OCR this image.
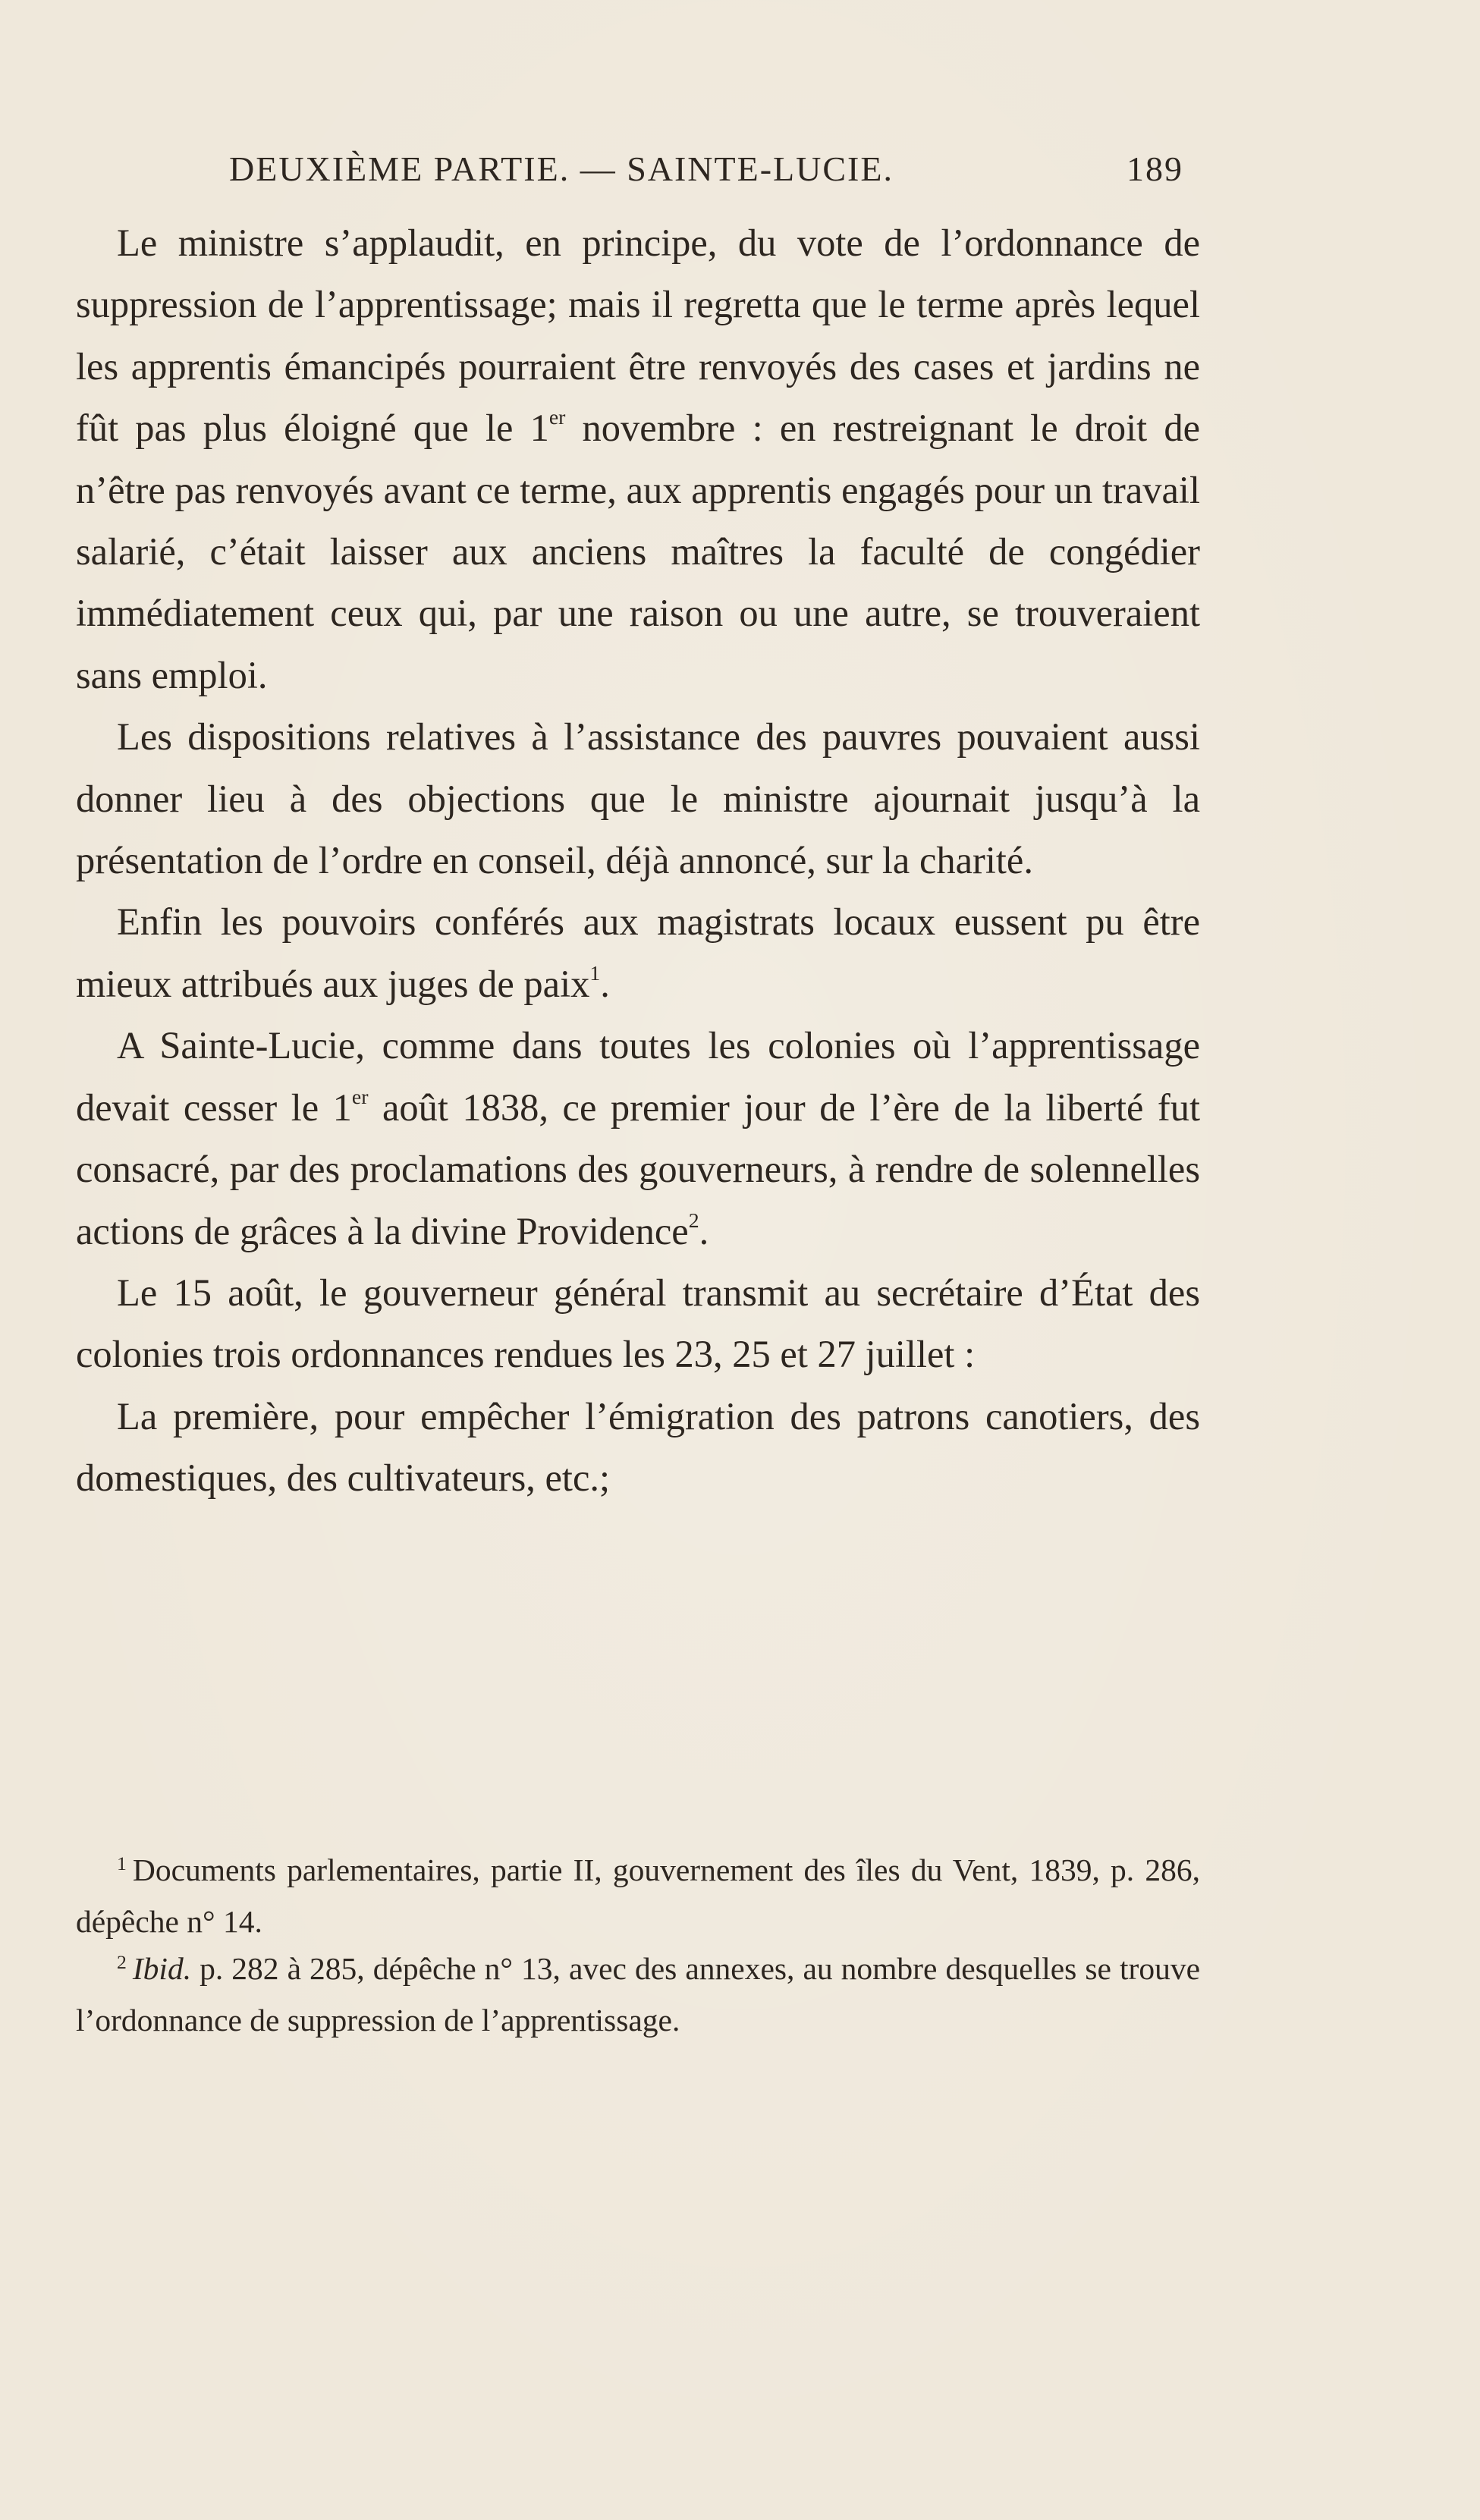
DEUXIÈME PARTIE. — SAINTE-LUCIE.	189

Le ministre s’applaudit, en principe, du vote de l’ordonnance de suppression de l’apprentissage; mais il regretta que le terme après lequel les apprentis émancipés pourraient être renvoyés des cases et jardins ne fût pas plus éloigné que le 1er novembre : en restreignant le droit de n’être pas renvoyés avant ce terme, aux apprentis engagés pour un travail salarié, c’était laisser aux anciens maîtres la faculté de congédier immédiatement ceux qui, par une raison ou une autre, se trouveraient sans emploi.

Les dispositions relatives à l’assistance des pauvres pouvaient aussi donner lieu à des objections que le ministre ajournait jusqu’à la présentation de l’ordre en conseil, déjà annoncé, sur la charité.

Enfin les pouvoirs conférés aux magistrats locaux eussent pu être mieux attribués aux juges de paix$^1$.

A Sainte-Lucie, comme dans toutes les colonies où l’apprentissage devait cesser le 1er août 1838, ce premier jour de l’ère de la liberté fut consacré, par des proclamations des gouverneurs, à rendre de solennelles actions de grâces à la divine Providence$^2$.

Le 15 août, le gouverneur général transmit au secrétaire d’État des colonies trois ordonnances rendues les 23, 25 et 27 juillet :

La première, pour empêcher l’émigration des patrons canotiers, des domestiques, des cultivateurs, etc.;

$^1$ Documents parlementaires, partie II, gouvernement des îles du Vent, 1839, p. 286, dépêche n° 14.

$^2$ Ibid. p. 282 à 285, dépêche n° 13, avec des annexes, au nombre desquelles se trouve l’ordonnance de suppression de l’apprentissage.
